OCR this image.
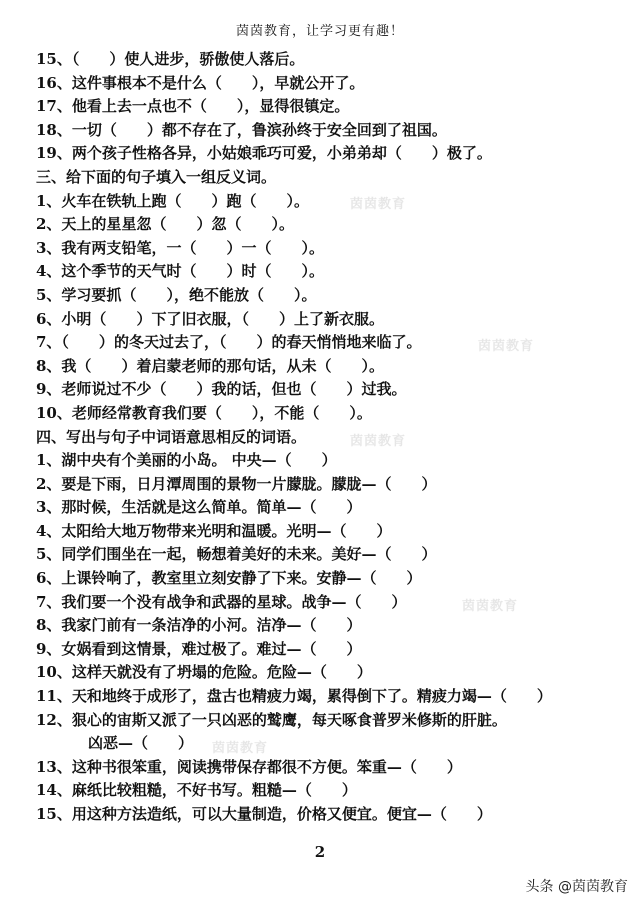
茵茵教育，让学习更有趣！
15、（　　）使人进步，骄傲使人落后。
16、这件事根本不是什么（　　），早就公开了。
17、他看上去一点也不（　　），显得很镇定。
18、一切（　　）都不存在了，鲁滨孙终于安全回到了祖国。
19、两个孩子性格各异，小姑娘乖巧可爱，小弟弟却（　　）极了。
三、给下面的句子填入一组反义词。
1、火车在铁轨上跑（　　）跑（　　）。
2、天上的星星忽（　　）忽（　　）。
3、我有两支铅笔，一（　　）一（　　）。
4、这个季节的天气时（　　）时（　　）。
5、学习要抓（　　），绝不能放（　　）。
6、小明（　　）下了旧衣服，（　　）上了新衣服。
7、（　　）的冬天过去了，（　　）的春天悄悄地来临了。
8、我（　　）着启蒙老师的那句话，从未（　　）。
9、老师说过不少（　　）我的话，但也（　　）过我。
10、老师经常教育我们要（　　），不能（　　）。
四、写出与句子中词语意思相反的词语。
1、湖中央有个美丽的小岛。 中央—（　　）
2、要是下雨，日月潭周围的景物一片朦胧。朦胧—（　　）
3、那时候，生活就是这么简单。简单—（　　）
4、太阳给大地万物带来光明和温暖。光明—（　　）
5、同学们围坐在一起，畅想着美好的未来。美好—（　　）
6、上课铃响了，教室里立刻安静了下来。安静—（　　）
7、我们要一个没有战争和武器的星球。战争—（　　）
8、我家门前有一条洁净的小河。洁净—（　　）
9、女娲看到这情景，难过极了。难过—（　　）
10、这样天就没有了坍塌的危险。危险—（　　）
11、天和地终于成形了，盘古也精疲力竭，累得倒下了。精疲力竭—（　　）
12、狠心的宙斯又派了一只凶恶的鹫鹰，每天啄食普罗米修斯的肝脏。
凶恶—（　　）
13、这种书很笨重，阅读携带保存都很不方便。笨重—（　　）
14、麻纸比较粗糙，不好书写。粗糙—（　　）
15、用这种方法造纸，可以大量制造，价格又便宜。便宜—（　　）
茵茵教育
茵茵教育
茵茵教育
茵茵教育
茵茵教育
2
头条 @茵茵教育
